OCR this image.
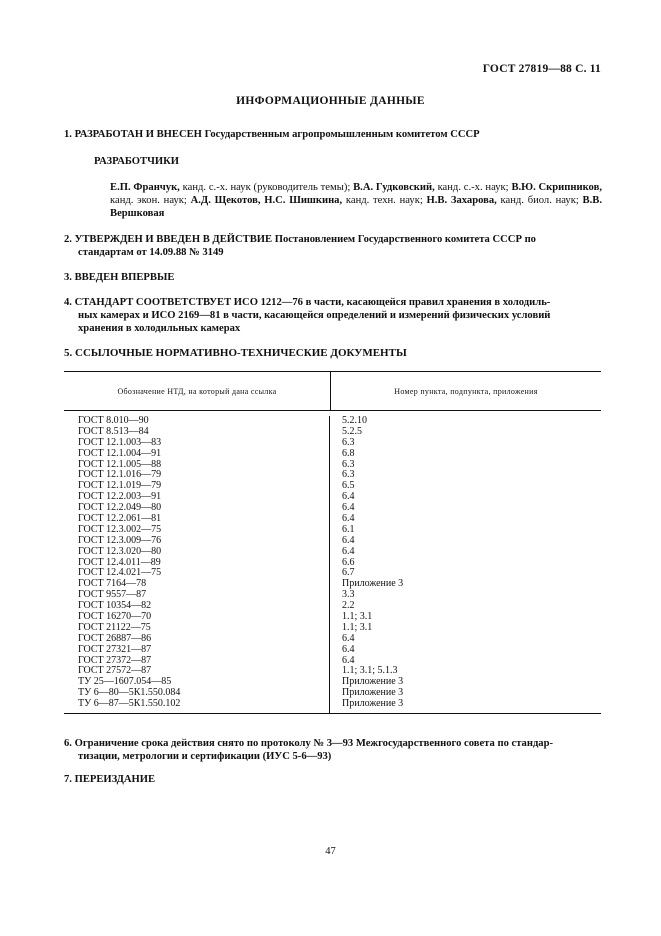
ГОСТ 27819—88 С. 11
ИНФОРМАЦИОННЫЕ ДАННЫЕ
1. РАЗРАБОТАН И ВНЕСЕН Государственным агропромышленным комитетом СССР
РАЗРАБОТЧИКИ
Е.П. Франчук, канд. с.-х. наук (руководитель темы); В.А. Гудковский, канд. с.-х. наук; В.Ю. Скрипников, канд. экон. наук; А.Д. Щекотов, Н.С. Шишкина, канд. техн. наук; Н.В. Захарова, канд. биол. наук; В.В. Вершковая
2. УТВЕРЖДЕН И ВВЕДЕН В ДЕЙСТВИЕ Постановлением Государственного комитета СССР по
стандартам от 14.09.88 № 3149
3. ВВЕДЕН ВПЕРВЫЕ
4. СТАНДАРТ СООТВЕТСТВУЕТ ИСО 1212—76 в части, касающейся правил хранения в холодиль-
ных камерах и ИСО 2169—81 в части, касающейся определений и измерений физических условий
хранения в холодильных камерах
5. ССЫЛОЧНЫЕ НОРМАТИВНО-ТЕХНИЧЕСКИЕ ДОКУМЕНТЫ
Обозначение НТД, на который дана ссылка	Номер пункта, подпункта, приложения
ГОСТ 8.010—90
ГОСТ 8.513—84
ГОСТ 12.1.003—83
ГОСТ 12.1.004—91
ГОСТ 12.1.005—88
ГОСТ 12.1.016—79
ГОСТ 12.1.019—79
ГОСТ 12.2.003—91
ГОСТ 12.2.049—80
ГОСТ 12.2.061—81
ГОСТ 12.3.002—75
ГОСТ 12.3.009—76
ГОСТ 12.3.020—80
ГОСТ 12.4.011—89
ГОСТ 12.4.021—75
ГОСТ 7164—78
ГОСТ 9557—87
ГОСТ 10354—82
ГОСТ 16270—70
ГОСТ 21122—75
ГОСТ 26887—86
ГОСТ 27321—87
ГОСТ 27372—87
ГОСТ 27572—87
ТУ 25—1607.054—85
ТУ 6—80—5К1.550.084
ТУ 6—87—5К1.550.102
5.2.10
5.2.5
6.3
6.8
6.3
6.3
6.5
6.4
6.4
6.4
6.1
6.4
6.4
6.6
6.7
Приложение 3
3.3
2.2
1.1; 3.1
1.1; 3.1
6.4
6.4
6.4
1.1; 3.1; 5.1.3
Приложение 3
Приложение 3
Приложение 3
6. Ограничение срока действия снято по протоколу № 3—93 Межгосударственного совета по стандар-
тизации, метрологии и сертификации (ИУС 5-6—93)
7. ПЕРЕИЗДАНИЕ
47
